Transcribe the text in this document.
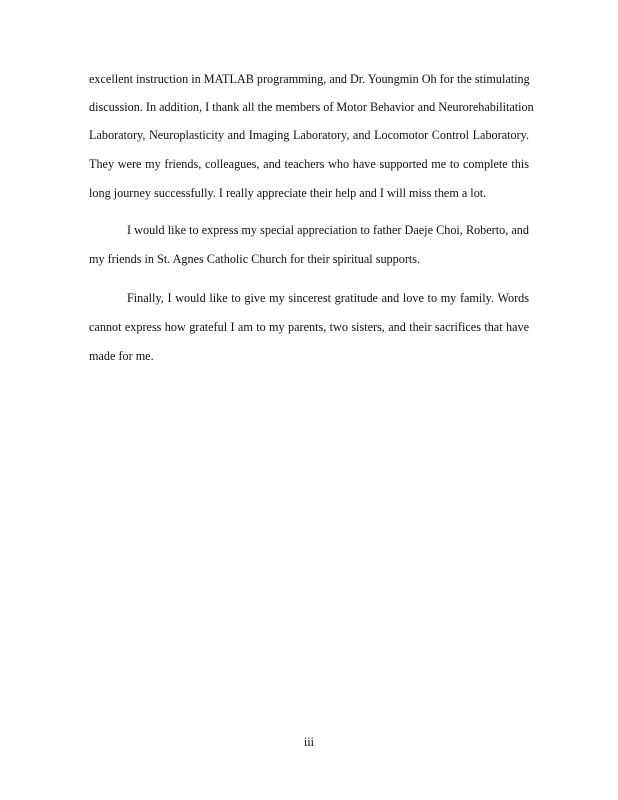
excellent instruction in MATLAB programming, and Dr. Youngmin Oh for the stimulating
discussion. In addition, I thank all the members of Motor Behavior and Neurorehabilitation
Laboratory, Neuroplasticity and Imaging Laboratory, and Locomotor Control Laboratory.
They were my friends, colleagues, and teachers who have supported me to complete this
long journey successfully. I really appreciate their help and I will miss them a lot.
I would like to express my special appreciation to father Daeje Choi, Roberto, and
my friends in St. Agnes Catholic Church for their spiritual supports.
Finally, I would like to give my sincerest gratitude and love to my family. Words
cannot express how grateful I am to my parents, two sisters, and their sacrifices that have
made for me.
iii
